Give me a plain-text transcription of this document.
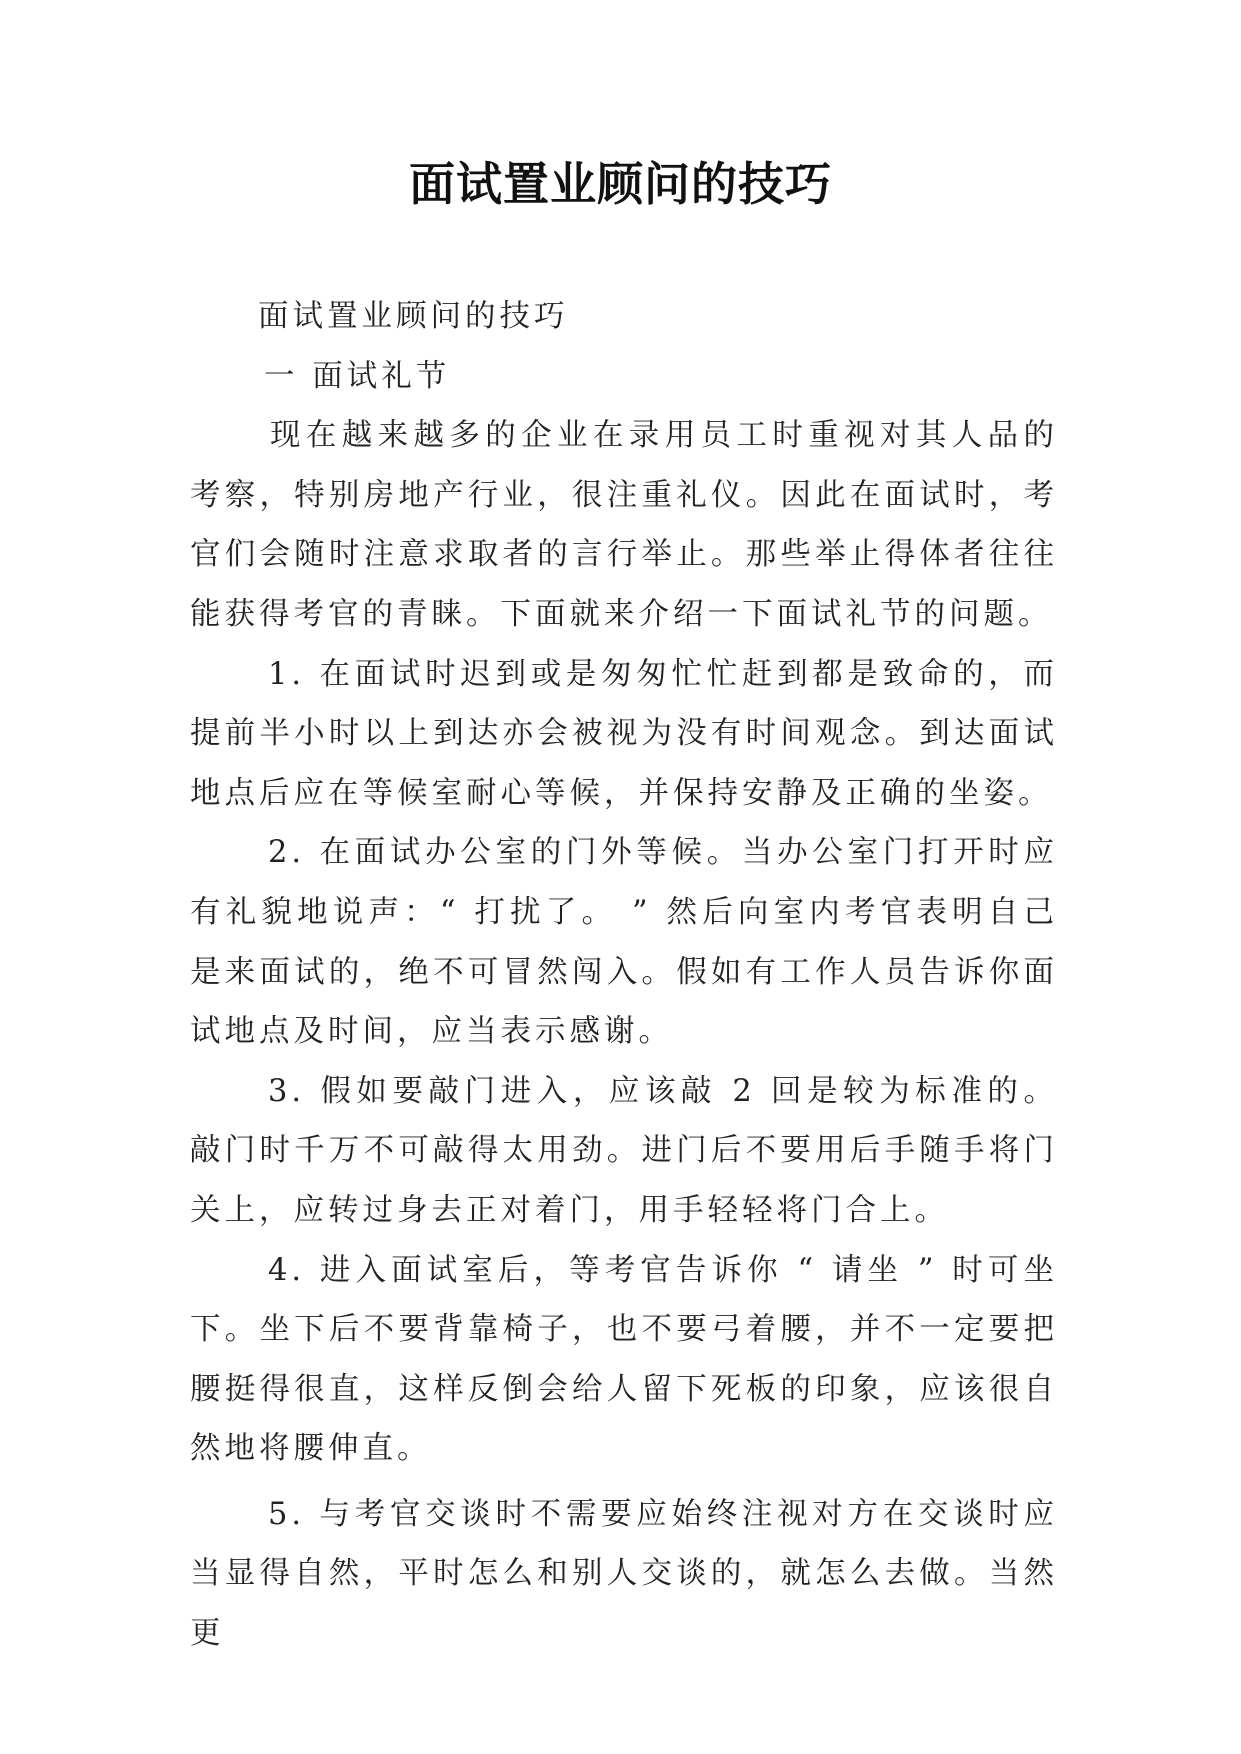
面试置业顾问的技巧

面试置业顾问的技巧

一 面试礼节

现在越来越多的企业在录用员工时重视对其人品的考察，特别房地产行业，很注重礼仪。因此在面试时，考官们会随时注意求取者的言行举止。那些举止得体者往往能获得考官的青睐。下面就来介绍一下面试礼节的问题。

1. 在面试时迟到或是匆匆忙忙赶到都是致命的，而提前半小时以上到达亦会被视为没有时间观念。到达面试地点后应在等候室耐心等候，并保持安静及正确的坐姿。

2. 在面试办公室的门外等候。当办公室门打开时应有礼貌地说声：“ 打扰了。 ” 然后向室内考官表明自己是来面试的，绝不可冒然闯入。假如有工作人员告诉你面试地点及时间，应当表示感谢。

3. 假如要敲门进入，应该敲 2 回是较为标准的。敲门时千万不可敲得太用劲。进门后不要用后手随手将门关上，应转过身去正对着门，用手轻轻将门合上。

4. 进入面试室后，等考官告诉你 “ 请坐 ” 时可坐下。坐下后不要背靠椅子，也不要弓着腰，并不一定要把腰挺得很直，这样反倒会给人留下死板的印象，应该很自然地将腰伸直。

5. 与考官交谈时不需要应始终注视对方在交谈时应当显得自然，平时怎么和别人交谈的，就怎么去做。当然更
